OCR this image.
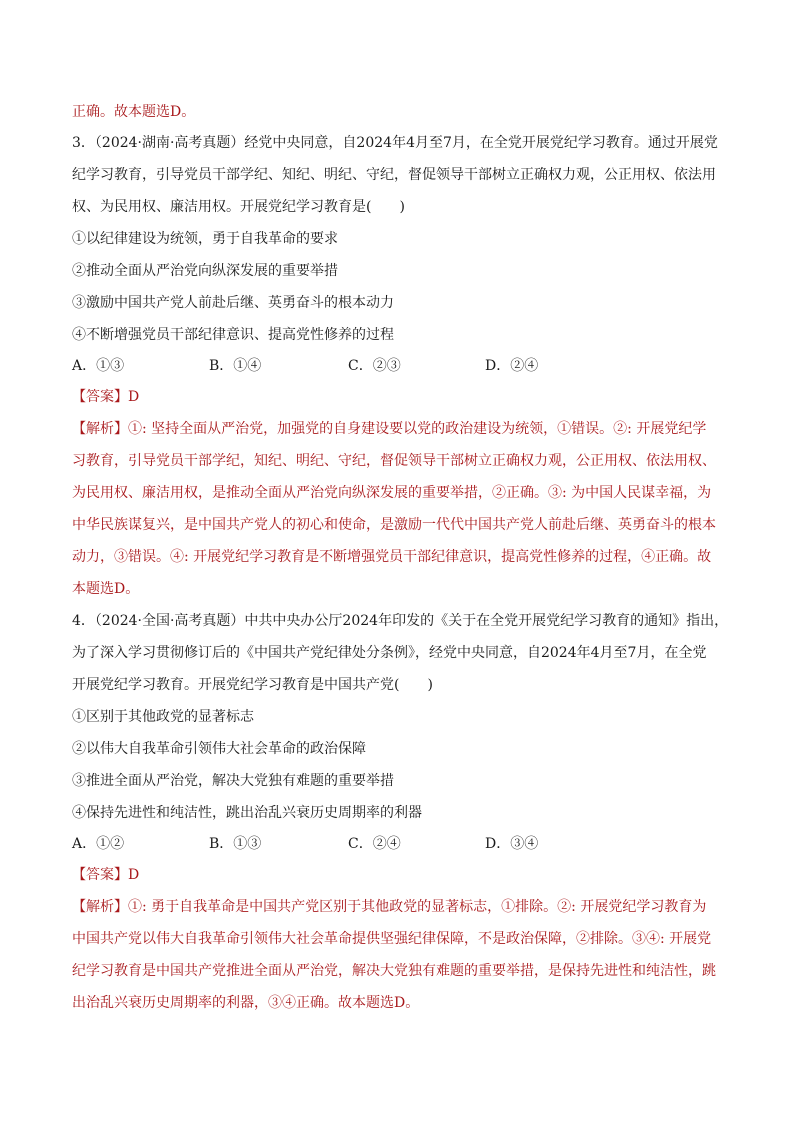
正确。故本题选D。
3．（2024·湖南·高考真题）经党中央同意，自2024年4月至7月，在全党开展党纪学习教育。通过开展党
纪学习教育，引导党员干部学纪、知纪、明纪、守纪，督促领导干部树立正确权力观，公正用权、依法用
权、为民用权、廉洁用权。开展党纪学习教育是(　　)
①以纪律建设为统领，勇于自我革命的要求
②推动全面从严治党向纵深发展的重要举措
③激励中国共产党人前赴后继、英勇奋斗的根本动力
④不断增强党员干部纪律意识、提高党性修养的过程
A．①③	B．①④	C．②③	D．②④
【答案】D
【解析】①: 坚持全面从严治党，加强党的自身建设要以党的政治建设为统领，①错误。②: 开展党纪学
习教育，引导党员干部学纪，知纪、明纪、守纪，督促领导干部树立正确权力观，公正用权、依法用权、
为民用权、廉洁用权，是推动全面从严治党向纵深发展的重要举措，②正确。③: 为中国人民谋幸福，为
中华民族谋复兴，是中国共产党人的初心和使命，是激励一代代中国共产党人前赴后继、英勇奋斗的根本
动力，③错误。④: 开展党纪学习教育是不断增强党员干部纪律意识，提高党性修养的过程，④正确。故
本题选D。
4．（2024·全国·高考真题）中共中央办公厅2024年印发的《关于在全党开展党纪学习教育的通知》指出，
为了深入学习贯彻修订后的《中国共产党纪律处分条例》，经党中央同意，自2024年4月至7月，在全党
开展党纪学习教育。开展党纪学习教育是中国共产党(　　)
①区别于其他政党的显著标志
②以伟大自我革命引领伟大社会革命的政治保障
③推进全面从严治党，解决大党独有难题的重要举措
④保持先进性和纯洁性，跳出治乱兴衰历史周期率的利器
A．①②	B．①③	C．②④	D．③④
【答案】D
【解析】①: 勇于自我革命是中国共产党区别于其他政党的显著标志，①排除。②: 开展党纪学习教育为
中国共产党以伟大自我革命引领伟大社会革命提供坚强纪律保障，不是政治保障，②排除。③④: 开展党
纪学习教育是中国共产党推进全面从严治党，解决大党独有难题的重要举措，是保持先进性和纯洁性，跳
出治乱兴衰历史周期率的利器，③④正确。故本题选D。
